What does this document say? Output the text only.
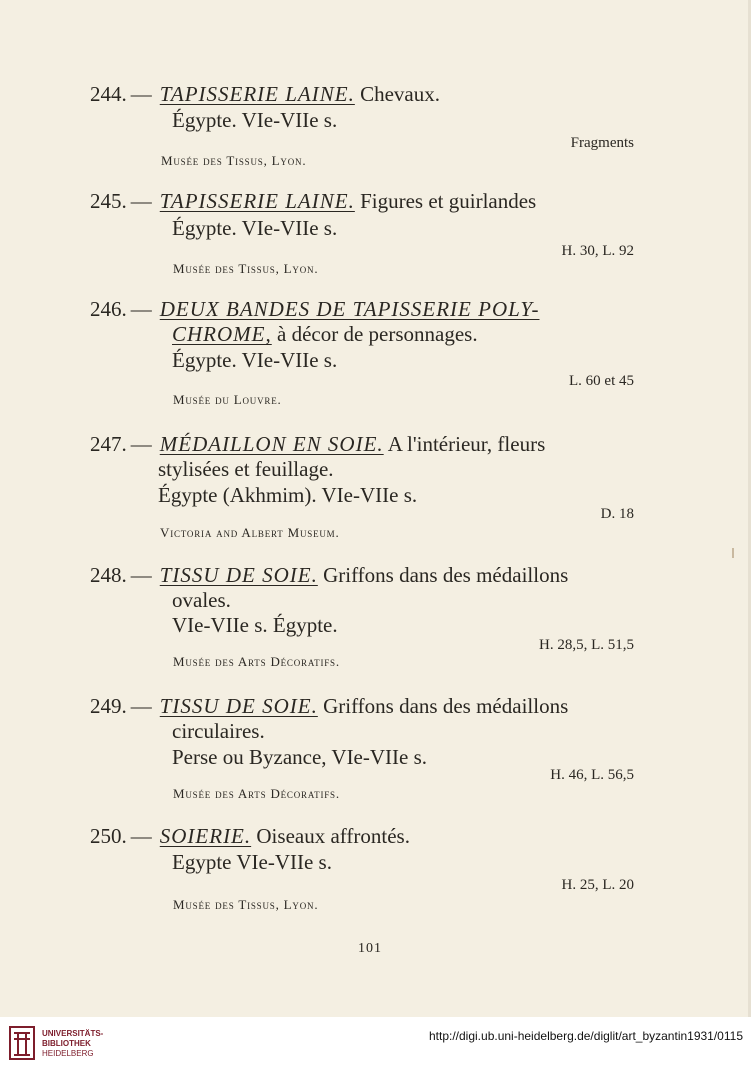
244. — TAPISSERIE LAINE. Chevaux.
Égypte. VIe-VIIe s.
Fragments
Musée des Tissus, Lyon.
245. — TAPISSERIE LAINE. Figures et guirlandes
Égypte. VIe-VIIe s.
H. 30, L. 92
Musée des Tissus, Lyon.
246. — DEUX BANDES DE TAPISSERIE POLY-
CHROME, à décor de personnages.
Égypte. VIe-VIIe s.
L. 60 et 45
Musée du Louvre.
247. — MÉDAILLON EN SOIE. A l'intérieur, fleurs
stylisées et feuillage.
Égypte (Akhmim). VIe-VIIe s.
D. 18
Victoria and Albert Museum.
248. — TISSU DE SOIE. Griffons dans des médaillons
ovales.
VIe-VIIe s. Égypte.
H. 28,5, L. 51,5
Musée des Arts Décoratifs.
249. — TISSU DE SOIE. Griffons dans des médaillons
circulaires.
Perse ou Byzance, VIe-VIIe s.
H. 46, L. 56,5
Musée des Arts Décoratifs.
250. — SOIERIE. Oiseaux affrontés.
Egypte VIe-VIIe s.
H. 25, L. 20
Musée des Tissus, Lyon.
101
UNIVERSITÄTS-
BIBLIOTHEK
HEIDELBERG
http://digi.ub.uni-heidelberg.de/diglit/art_byzantin1931/0115
